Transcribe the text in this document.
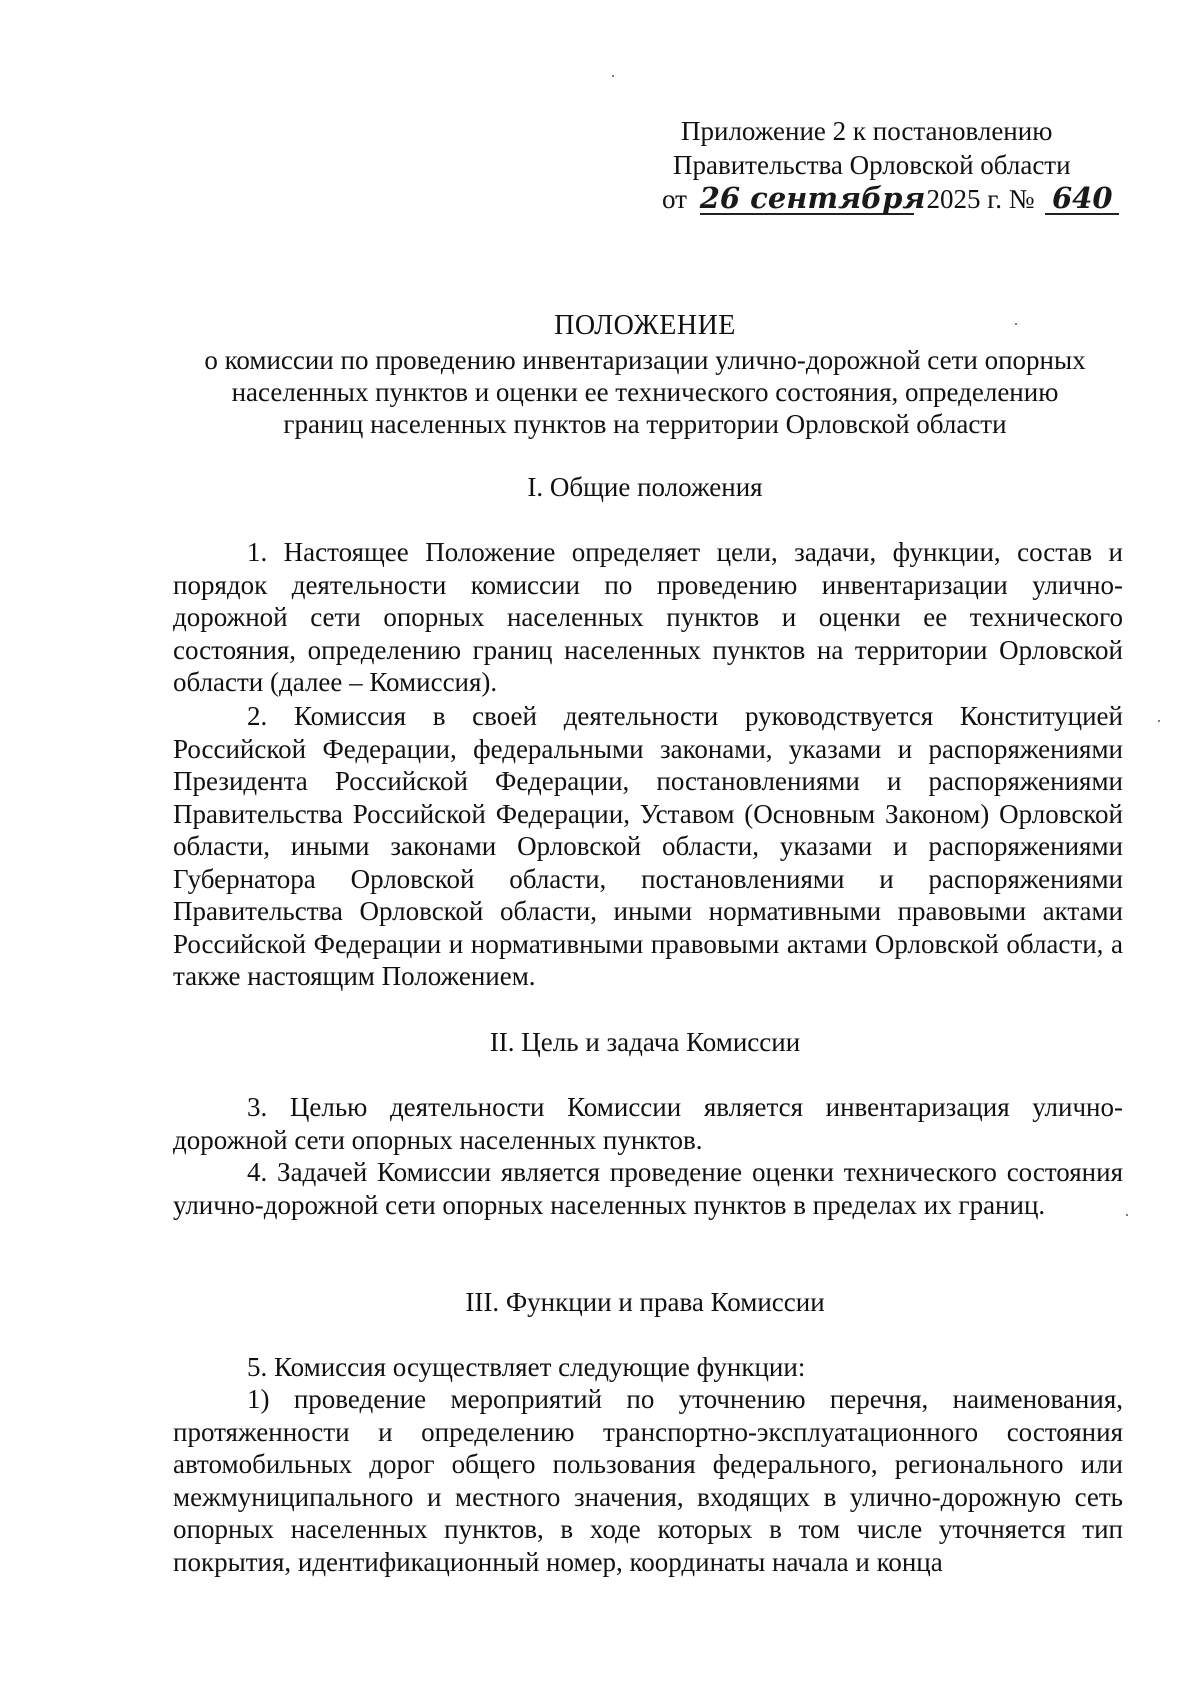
Приложение 2 к постановлению
Правительства Орловской области
от 26 сентября 2025 г. № 640
ПОЛОЖЕНИЕ
о комиссии по проведению инвентаризации улично-дорожной сети опорных
населенных пунктов и оценки ее технического состояния, определению
границ населенных пунктов на территории Орловской области
I. Общие положения
1. Настоящее Положение определяет цели, задачи, функции, состав и порядок деятельности комиссии по проведению инвентаризации улично-дорожной сети опорных населенных пунктов и оценки ее технического состояния, определению границ населенных пунктов на территории Орловской области (далее – Комиссия).
2. Комиссия в своей деятельности руководствуется Конституцией Российской Федерации, федеральными законами, указами и распоряжениями Президента Российской Федерации, постановлениями и распоряжениями Правительства Российской Федерации, Уставом (Основным Законом) Орловской области, иными законами Орловской области, указами и распоряжениями Губернатора Орловской области, постановлениями и распоряжениями Правительства Орловской области, иными нормативными правовыми актами Российской Федерации и нормативными правовыми актами Орловской области, а также настоящим Положением.
II. Цель и задача Комиссии
3. Целью деятельности Комиссии является инвентаризация улично-дорожной сети опорных населенных пунктов.
4. Задачей Комиссии является проведение оценки технического состояния улично-дорожной сети опорных населенных пунктов в пределах их границ.
III. Функции и права Комиссии
5. Комиссия осуществляет следующие функции:
1) проведение мероприятий по уточнению перечня, наименования, протяженности и определению транспортно-эксплуатационного состояния автомобильных дорог общего пользования федерального, регионального или межмуниципального и местного значения, входящих в улично-дорожную сеть опорных населенных пунктов, в ходе которых в том числе уточняется тип покрытия, идентификационный номер, координаты начала и конца
